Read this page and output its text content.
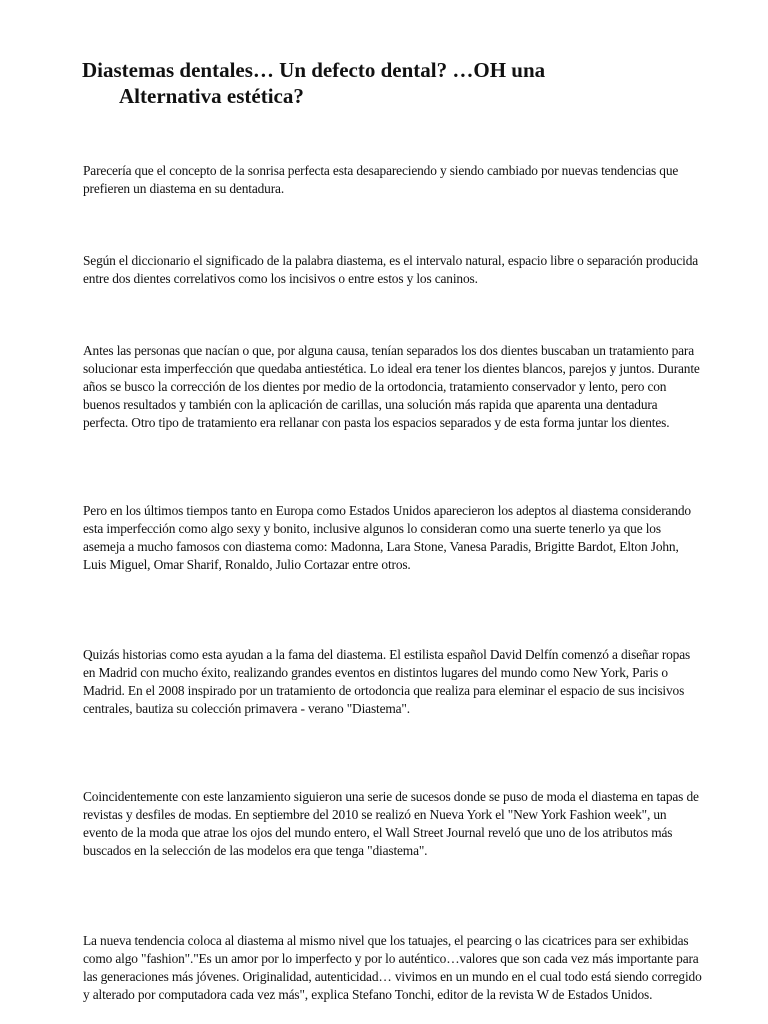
Diastemas dentales… Un defecto dental? …OH una
Alternativa estética?

Parecería que el concepto de la sonrisa perfecta esta desapareciendo y siendo cambiado por nuevas tendencias que prefieren un diastema en su dentadura.

Según el diccionario el significado de la palabra diastema, es el intervalo natural, espacio libre o separación producida entre dos dientes correlativos como los incisivos o entre estos y los caninos.

Antes las personas que nacían o que, por alguna causa, tenían separados los dos dientes buscaban un tratamiento para solucionar esta imperfección que quedaba antiestética. Lo ideal era tener los dientes blancos, parejos y juntos. Durante años se busco la corrección de los dientes por medio de la ortodoncia, tratamiento conservador y lento, pero con buenos resultados y también con la aplicación de carillas, una solución más rapida que aparenta una dentadura perfecta. Otro tipo de tratamiento era rellanar con pasta los espacios separados y de esta forma juntar los dientes.

Pero en los últimos tiempos tanto en Europa como Estados Unidos aparecieron los adeptos al diastema considerando esta imperfección como algo sexy y bonito, inclusive algunos lo consideran como una suerte tenerlo ya que los asemeja a mucho famosos con diastema como: Madonna, Lara Stone, Vanesa Paradis, Brigitte Bardot, Elton John, Luis Miguel, Omar Sharif, Ronaldo, Julio Cortazar entre otros.

Quizás historias como esta ayudan a la fama del diastema. El estilista español David Delfín comenzó a diseñar ropas en Madrid con mucho éxito, realizando grandes eventos en distintos lugares del mundo como New York, Paris o Madrid. En el 2008 inspirado por un tratamiento de ortodoncia que realiza para eleminar el espacio de sus incisivos centrales, bautiza su colección primavera - verano "Diastema".

Coincidentemente con este lanzamiento siguieron una serie de sucesos donde se puso de moda el diastema en tapas de revistas y desfiles de modas. En septiembre del 2010 se realizó en Nueva York el "New York Fashion week", un evento de la moda que atrae los ojos del mundo entero, el Wall Street Journal reveló que uno de los atributos más buscados en la selección de las modelos era que tenga "diastema".

La nueva tendencia coloca al diastema al mismo nivel que los tatuajes, el pearcing o las cicatrices para ser exhibidas como algo "fashion"."Es un amor por lo imperfecto y por lo auténtico…valores que son cada vez más importante para las generaciones más jóvenes. Originalidad, autenticidad… vivimos en un mundo en el cual todo está siendo corregido y alterado por computadora cada vez más", explica Stefano Tonchi, editor de la revista W de Estados Unidos.
